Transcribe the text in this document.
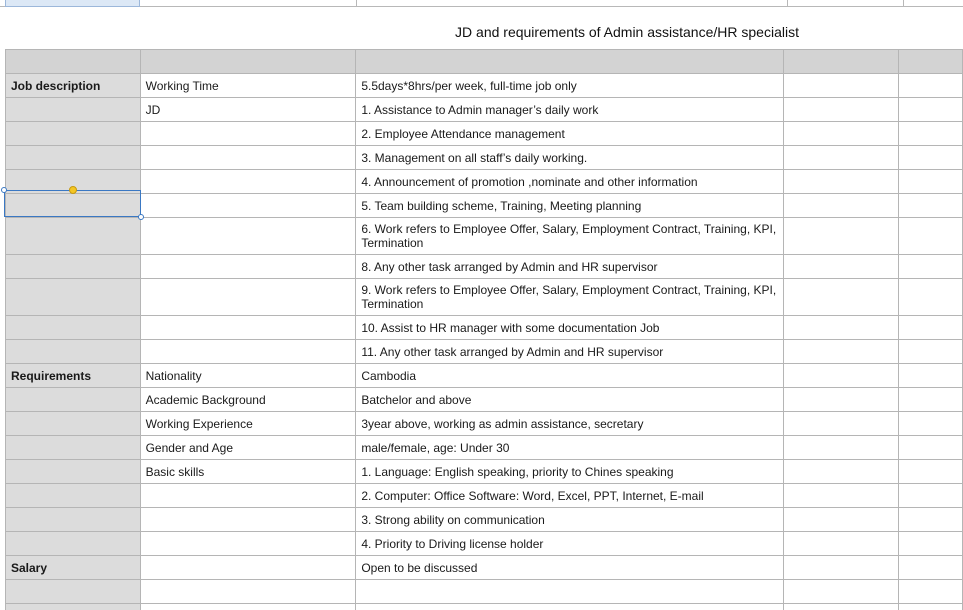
JD and requirements of Admin assistance/HR specialist

Job description	Working Time	5.5days*8hrs/per week, full-time job only		
	JD	1. Assistance to Admin manager’s daily work		
		2. Employee Attendance management		
		3. Management on all staff’s daily working.		
		4. Announcement of promotion ,nominate and other information		
		5. Team building scheme, Training, Meeting planning		
		6. Work refers to Employee Offer, Salary, Employment Contract, Training, KPI, Termination		
		8. Any other task arranged by Admin and HR supervisor		
		9. Work refers to Employee Offer, Salary, Employment Contract, Training, KPI, Termination		
		10. Assist to HR manager with some documentation Job		
		11. Any other task arranged by Admin and HR supervisor		
Requirements	Nationality	Cambodia		
	Academic Background	Batchelor and above		
	Working Experience	3year above, working as admin assistance, secretary		
	Gender and Age	male/female, age: Under 30		
	Basic skills	1. Language: English speaking, priority to Chines speaking		
		2. Computer: Office Software: Word, Excel, PPT, Internet, E-mail		
		3. Strong ability on communication		
		4. Priority to Driving license holder		
Salary		Open to be discussed		
